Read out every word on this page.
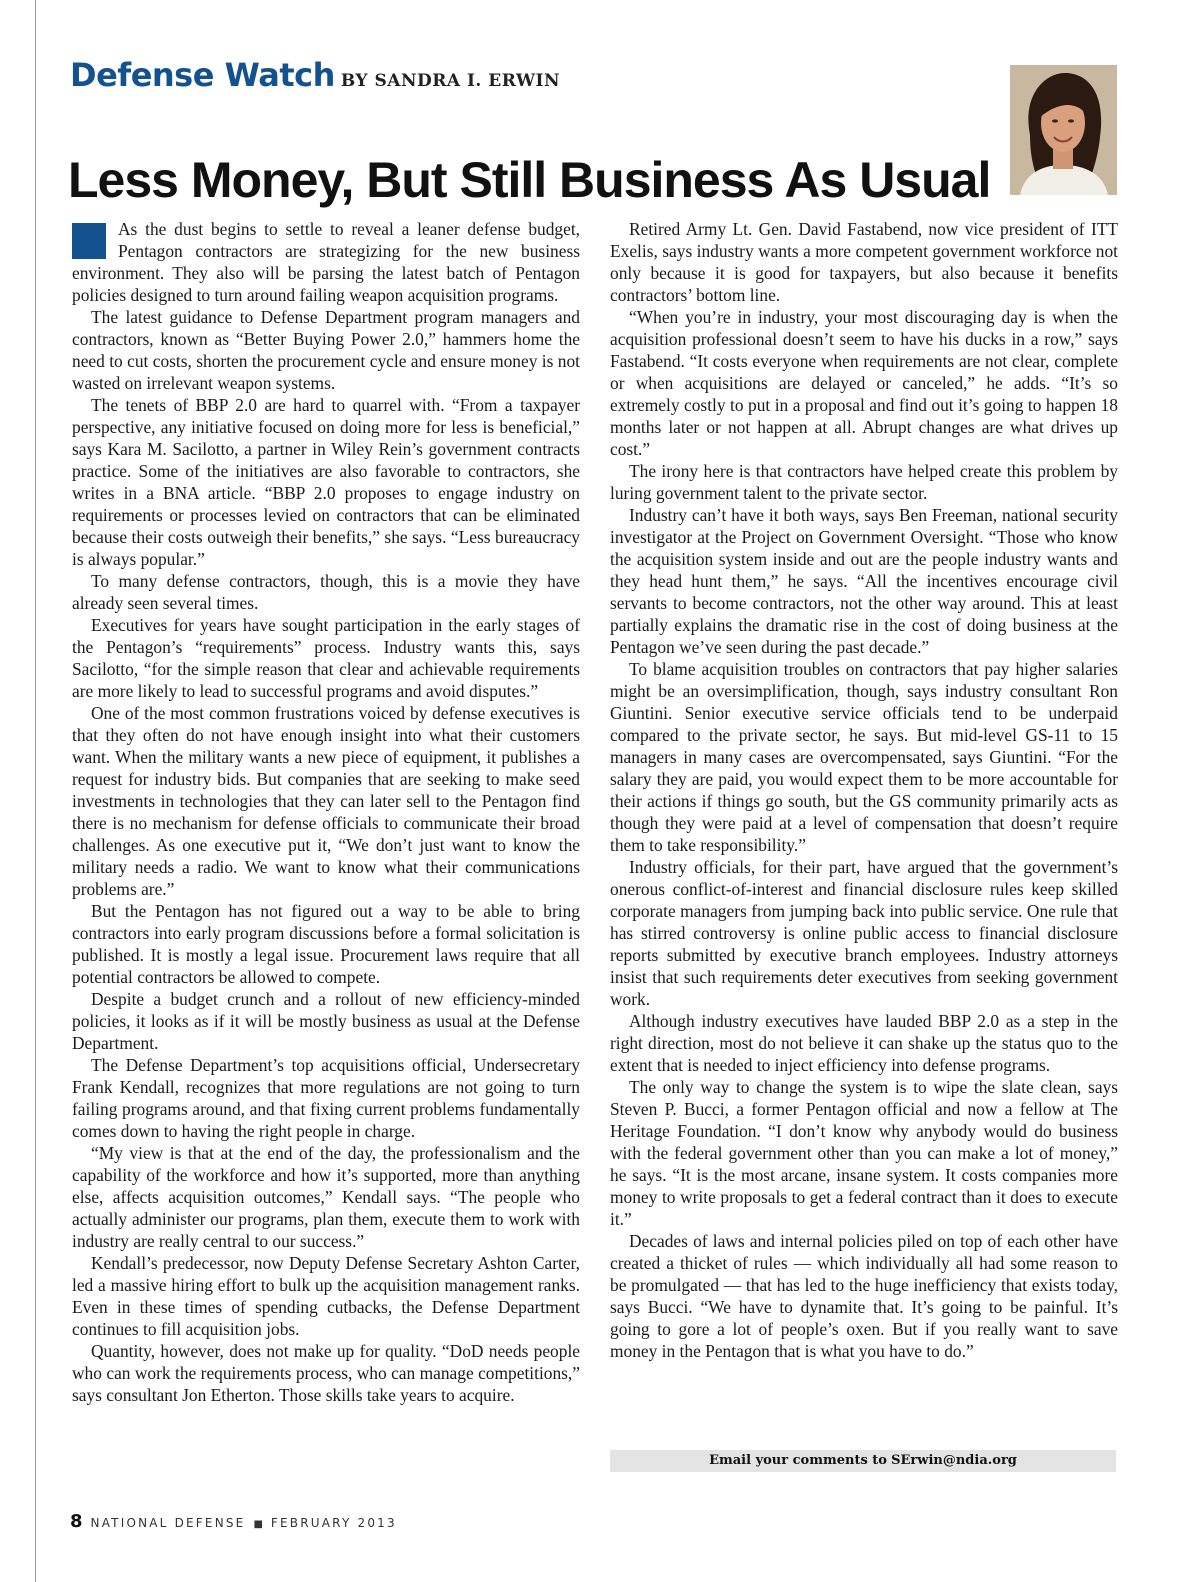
Defense Watch BY SANDRA I. ERWIN
Less Money, But Still Business As Usual

As the dust begins to settle to reveal a leaner defense budget, Pentagon contractors are strategizing for the new business environment. They also will be parsing the latest batch of Pentagon policies designed to turn around failing weapon acquisition programs.

The latest guidance to Defense Department program managers and contractors, known as “Better Buying Power 2.0,” hammers home the need to cut costs, shorten the procurement cycle and ensure money is not wasted on irrelevant weapon systems.

The tenets of BBP 2.0 are hard to quarrel with. “From a taxpayer perspective, any initiative focused on doing more for less is beneficial,” says Kara M. Sacilotto, a partner in Wiley Rein’s government contracts practice. Some of the initiatives are also favorable to contractors, she writes in a BNA article. “BBP 2.0 proposes to engage industry on requirements or processes levied on contractors that can be eliminated because their costs outweigh their benefits,” she says. “Less bureaucracy is always popular.”

To many defense contractors, though, this is a movie they have already seen several times.

Executives for years have sought participation in the early stages of the Pentagon’s “requirements” process. Industry wants this, says Sacilotto, “for the simple reason that clear and achievable requirements are more likely to lead to successful programs and avoid disputes.”

One of the most common frustrations voiced by defense executives is that they often do not have enough insight into what their customers want. When the military wants a new piece of equipment, it publishes a request for industry bids. But companies that are seeking to make seed investments in technologies that they can later sell to the Pentagon find there is no mechanism for defense officials to communicate their broad challenges. As one executive put it, “We don’t just want to know the military needs a radio. We want to know what their communications problems are.”

But the Pentagon has not figured out a way to be able to bring contractors into early program discussions before a formal solicitation is published. It is mostly a legal issue. Procurement laws require that all potential contractors be allowed to compete.

Despite a budget crunch and a rollout of new efficiency-minded policies, it looks as if it will be mostly business as usual at the Defense Department.

The Defense Department’s top acquisitions official, Undersecretary Frank Kendall, recognizes that more regulations are not going to turn failing programs around, and that fixing current problems fundamentally comes down to having the right people in charge.

“My view is that at the end of the day, the professionalism and the capability of the workforce and how it’s supported, more than anything else, affects acquisition outcomes,” Kendall says. “The people who actually administer our programs, plan them, execute them to work with industry are really central to our success.”

Kendall’s predecessor, now Deputy Defense Secretary Ashton Carter, led a massive hiring effort to bulk up the acquisition management ranks. Even in these times of spending cutbacks, the Defense Department continues to fill acquisition jobs.

Quantity, however, does not make up for quality. “DoD needs people who can work the requirements process, who can manage competitions,” says consultant Jon Etherton. Those skills take years to acquire.

Retired Army Lt. Gen. David Fastabend, now vice president of ITT Exelis, says industry wants a more competent government workforce not only because it is good for taxpayers, but also because it benefits contractors’ bottom line.

“When you’re in industry, your most discouraging day is when the acquisition professional doesn’t seem to have his ducks in a row,” says Fastabend. “It costs everyone when requirements are not clear, complete or when acquisitions are delayed or canceled,” he adds. “It’s so extremely costly to put in a proposal and find out it’s going to happen 18 months later or not happen at all. Abrupt changes are what drives up cost.”

The irony here is that contractors have helped create this problem by luring government talent to the private sector.

Industry can’t have it both ways, says Ben Freeman, national security investigator at the Project on Government Oversight. “Those who know the acquisition system inside and out are the people industry wants and they head hunt them,” he says. “All the incentives encourage civil servants to become contractors, not the other way around. This at least partially explains the dramatic rise in the cost of doing business at the Pentagon we’ve seen during the past decade.”

To blame acquisition troubles on contractors that pay higher salaries might be an oversimplification, though, says industry consultant Ron Giuntini. Senior executive service officials tend to be underpaid compared to the private sector, he says. But mid-level GS-11 to 15 managers in many cases are overcompensated, says Giuntini. “For the salary they are paid, you would expect them to be more accountable for their actions if things go south, but the GS community primarily acts as though they were paid at a level of compensation that doesn’t require them to take responsibility.”

Industry officials, for their part, have argued that the government’s onerous conflict-of-interest and financial disclosure rules keep skilled corporate managers from jumping back into public service. One rule that has stirred controversy is online public access to financial disclosure reports submitted by executive branch employees. Industry attorneys insist that such requirements deter executives from seeking government work.

Although industry executives have lauded BBP 2.0 as a step in the right direction, most do not believe it can shake up the status quo to the extent that is needed to inject efficiency into defense programs.

The only way to change the system is to wipe the slate clean, says Steven P. Bucci, a former Pentagon official and now a fellow at The Heritage Foundation. “I don’t know why anybody would do business with the federal government other than you can make a lot of money,” he says. “It is the most arcane, insane system. It costs companies more money to write proposals to get a federal contract than it does to execute it.”

Decades of laws and internal policies piled on top of each other have created a thicket of rules — which individually all had some reason to be promulgated — that has led to the huge inefficiency that exists today, says Bucci. “We have to dynamite that. It’s going to be painful. It’s going to gore a lot of people’s oxen. But if you really want to save money in the Pentagon that is what you have to do.”

Email your comments to SErwin@ndia.org
8 NATIONAL DEFENSE ■ FEBRUARY 2013
